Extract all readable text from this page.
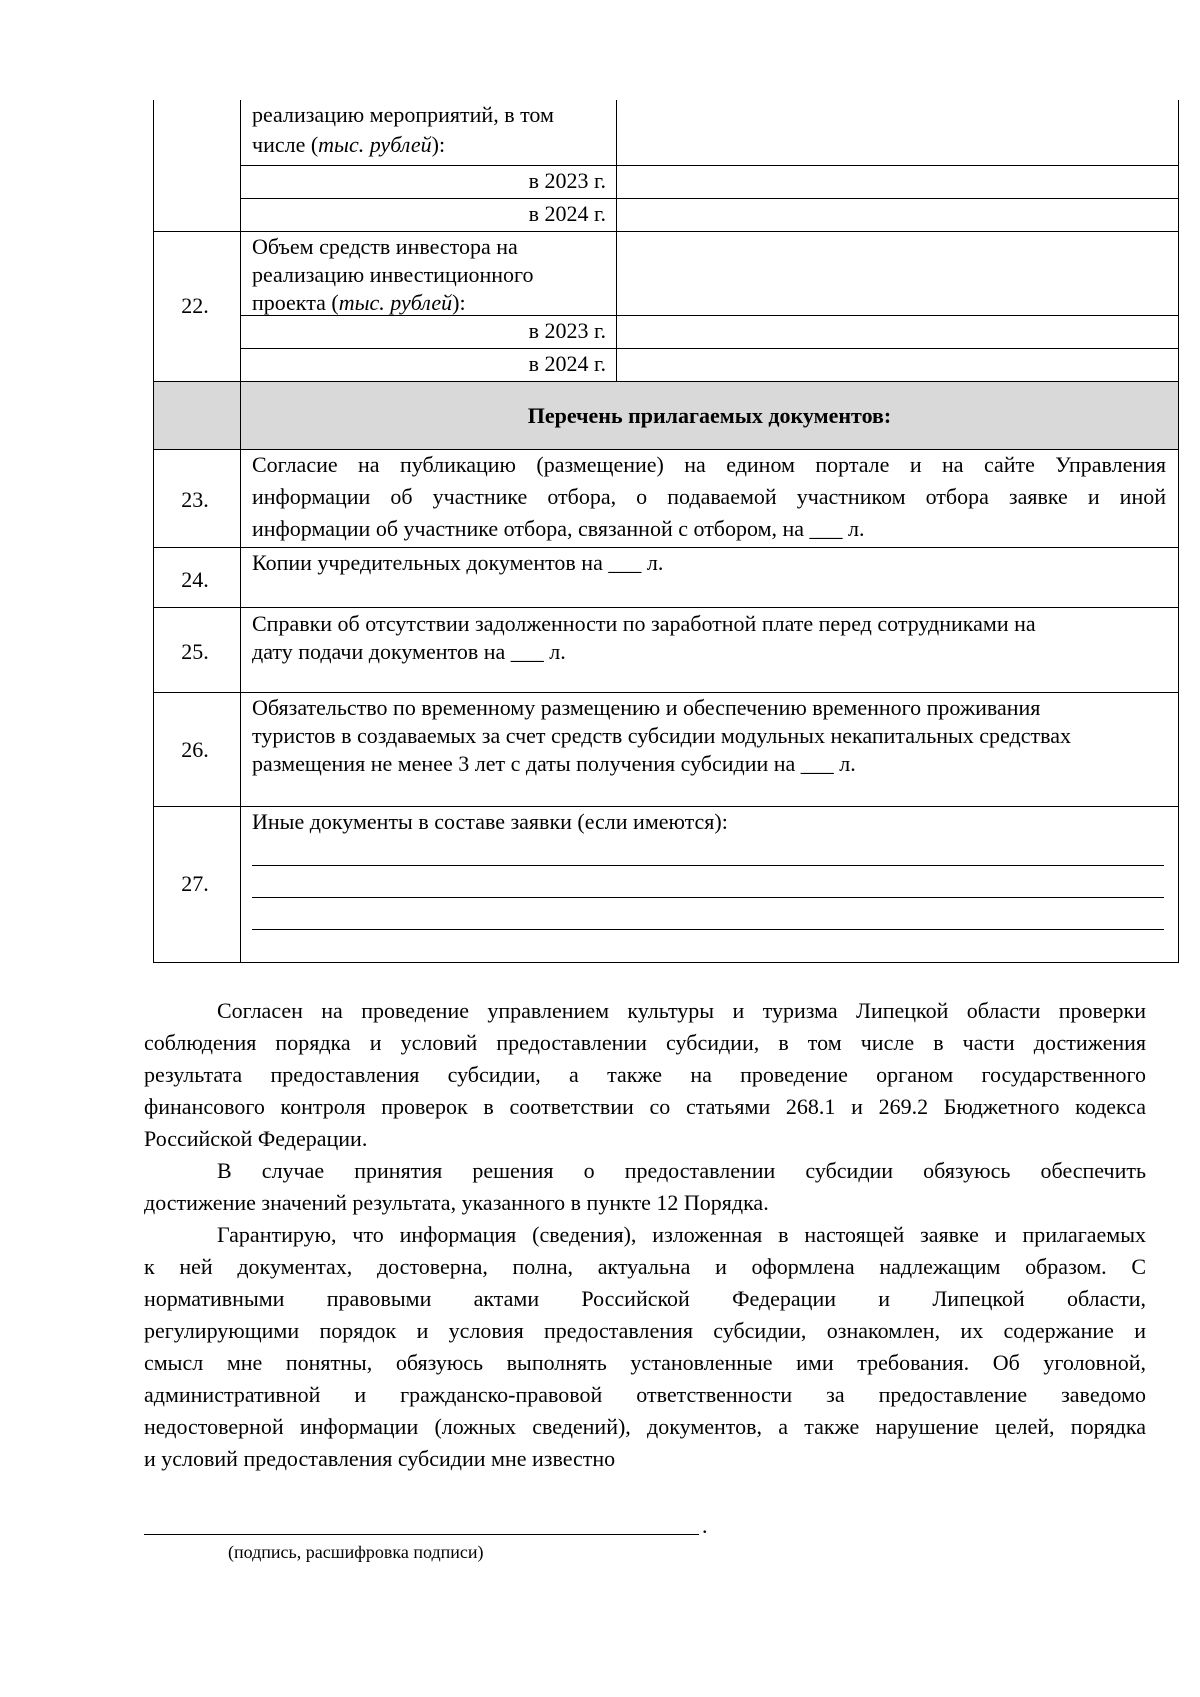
реализацию мероприятий, в том
числе (тыс. рублей):
в 2023 г.
в 2024 г.
22.
Объем средств инвестора на
реализацию инвестиционного
проекта (тыс. рублей):
в 2023 г.
в 2024 г.
Перечень прилагаемых документов:
23.
Согласие на публикацию (размещение) на едином портале и на сайте Управления
информации об участнике отбора, о подаваемой участником отбора заявке и иной
информации об участнике отбора, связанной с отбором, на ___ л.
24.
Копии учредительных документов на ___ л.
25.
Справки об отсутствии задолженности по заработной плате перед сотрудниками на
дату подачи документов на ___ л.
26.
Обязательство по временному размещению и обеспечению временного проживания
туристов в создаваемых за счет средств субсидии модульных некапитальных средствах
размещения не менее 3 лет с даты получения субсидии на ___ л.
27.
Иные документы в составе заявки (если имеются):
Согласен на проведение управлением культуры и туризма Липецкой области проверки
соблюдения порядка и условий предоставлении субсидии, в том числе в части достижения
результата предоставления субсидии, а также на проведение органом государственного
финансового контроля проверок в соответствии со статьями 268.1 и 269.2 Бюджетного кодекса
Российской Федерации.
В случае принятия решения о предоставлении субсидии обязуюсь обеспечить
достижение значений результата, указанного в пункте 12 Порядка.
Гарантирую, что информация (сведения), изложенная в настоящей заявке и прилагаемых
к ней документах, достоверна, полна, актуальна и оформлена надлежащим образом. С
нормативными правовыми актами Российской Федерации и Липецкой области,
регулирующими порядок и условия предоставления субсидии, ознакомлен, их содержание и
смысл мне понятны, обязуюсь выполнять установленные ими требования. Об уголовной,
административной и гражданско-правовой ответственности за предоставление заведомо
недостоверной информации (ложных сведений), документов, а также нарушение целей, порядка
и условий предоставления субсидии мне известно
.
(подпись, расшифровка подписи)
